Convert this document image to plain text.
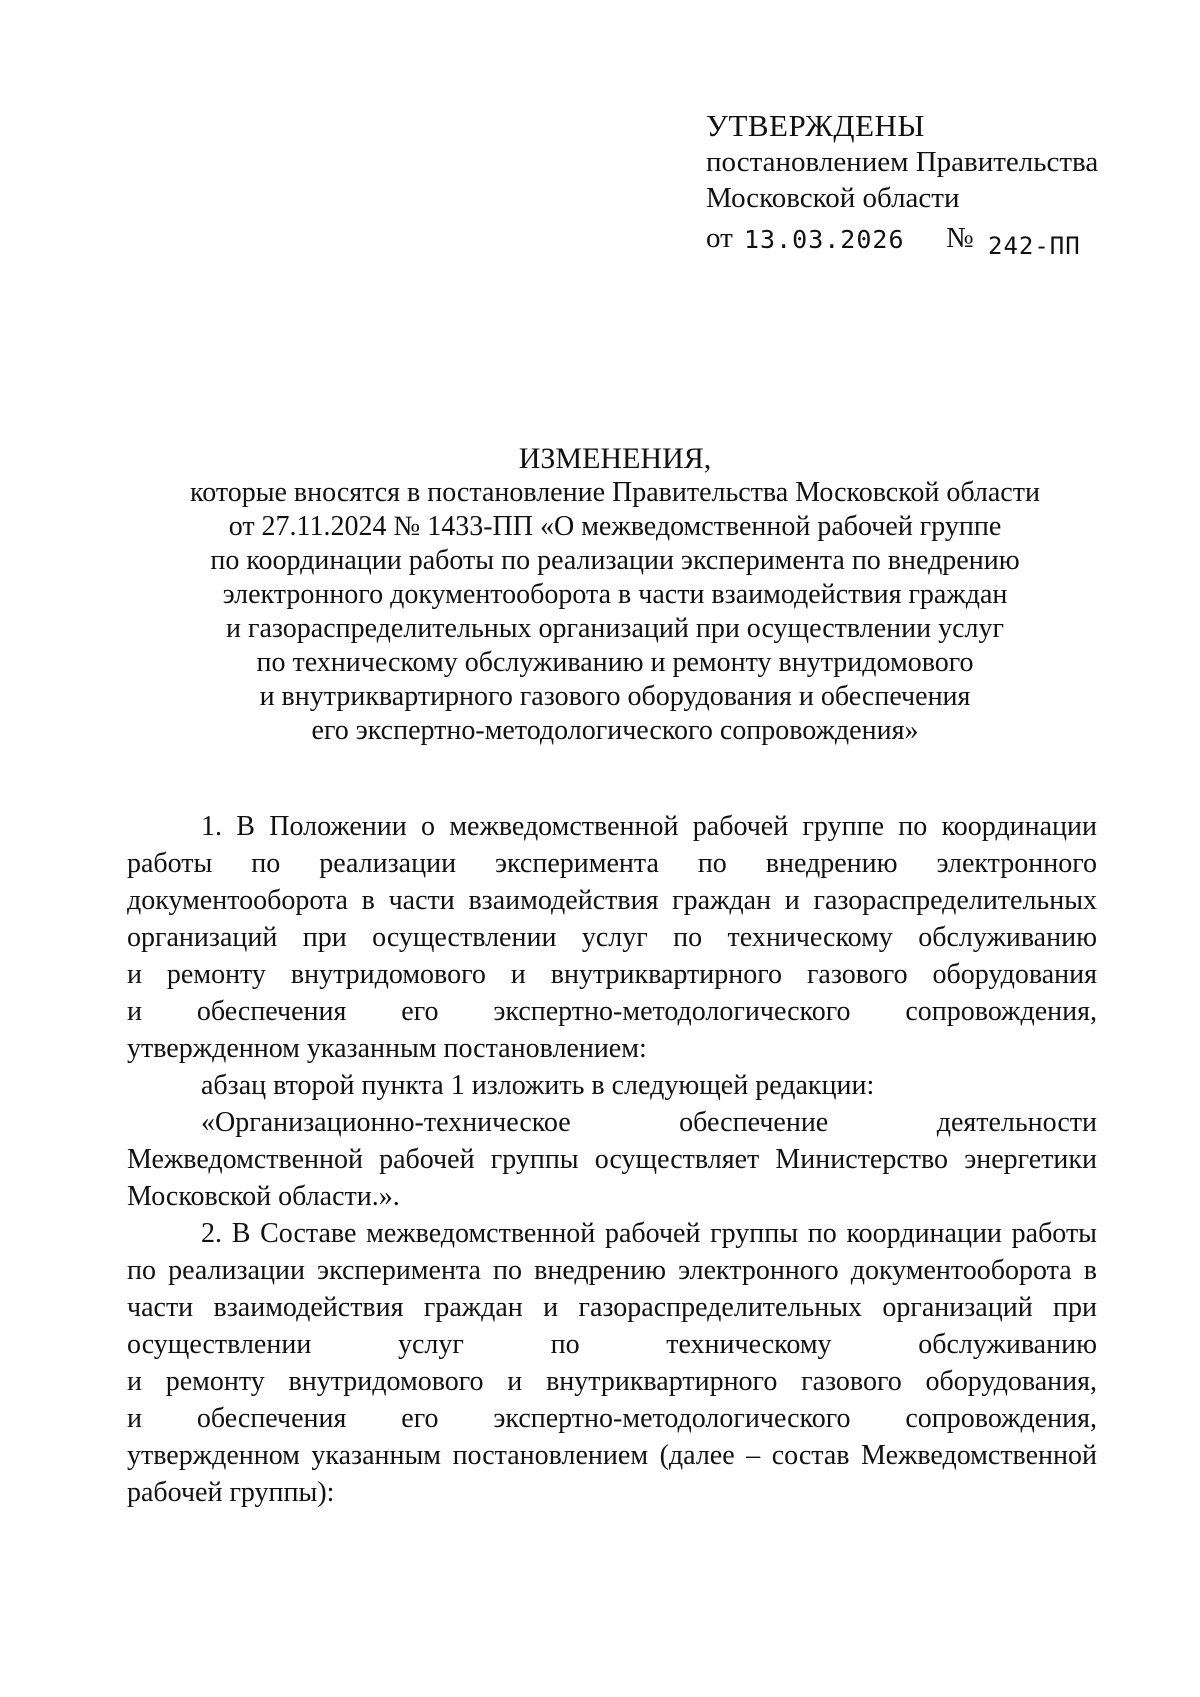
УТВЕРЖДЕНЫ
постановлением Правительства
Московской области
от 13.03.2026 № 242-ПП
ИЗМЕНЕНИЯ,
которые вносятся в постановление Правительства Московской области
от 27.11.2024 № 1433-ПП «О межведомственной рабочей группе
по координации работы по реализации эксперимента по внедрению
электронного документооборота в части взаимодействия граждан
и газораспределительных организаций при осуществлении услуг
по техническому обслуживанию и ремонту внутридомового
и внутриквартирного газового оборудования и обеспечения
его экспертно-методологического сопровождения»
1. В Положении о межведомственной рабочей группе по координации
работы по реализации эксперимента по внедрению электронного
документооборота в части взаимодействия граждан и газораспределительных
организаций при осуществлении услуг по техническому обслуживанию
и ремонту внутридомового и внутриквартирного газового оборудования
и обеспечения его экспертно-методологического сопровождения,
утвержденном указанным постановлением:
абзац второй пункта 1 изложить в следующей редакции:
«Организационно-техническое обеспечение деятельности
Межведомственной рабочей группы осуществляет Министерство энергетики
Московской области.».
2. В Составе межведомственной рабочей группы по координации работы
по реализации эксперимента по внедрению электронного документооборота в
части взаимодействия граждан и газораспределительных организаций при
осуществлении услуг по техническому обслуживанию
и ремонту внутридомового и внутриквартирного газового оборудования,
и обеспечения его экспертно-методологического сопровождения,
утвержденном указанным постановлением (далее – состав Межведомственной
рабочей группы):
